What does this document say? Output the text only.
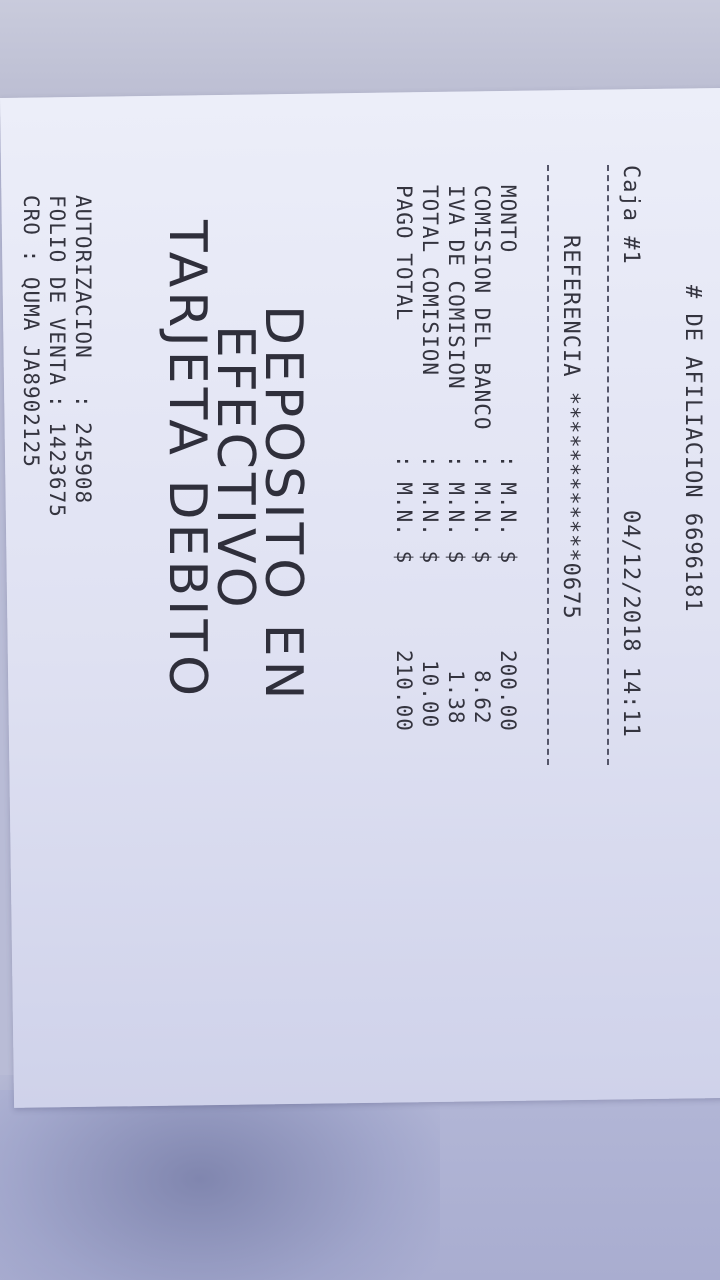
# DE AFILIACION 6696181
Caja #1
04/12/2018 14:11
REFERENCIA ************0675
MONTO
: M.N. $
200.00
COMISION DEL BANCO
: M.N. $
8.62
IVA DE COMISION
: M.N. $
1.38
TOTAL COMISION
: M.N. $
10.00
PAGO TOTAL
: M.N. $
210.00
DEPOSITO EN
EFECTIVO
TARJETA DEBITO
AUTORIZACION
: 245908
FOLIO DE VENTA
: 1423675
CRO : QUMA JA8902125
